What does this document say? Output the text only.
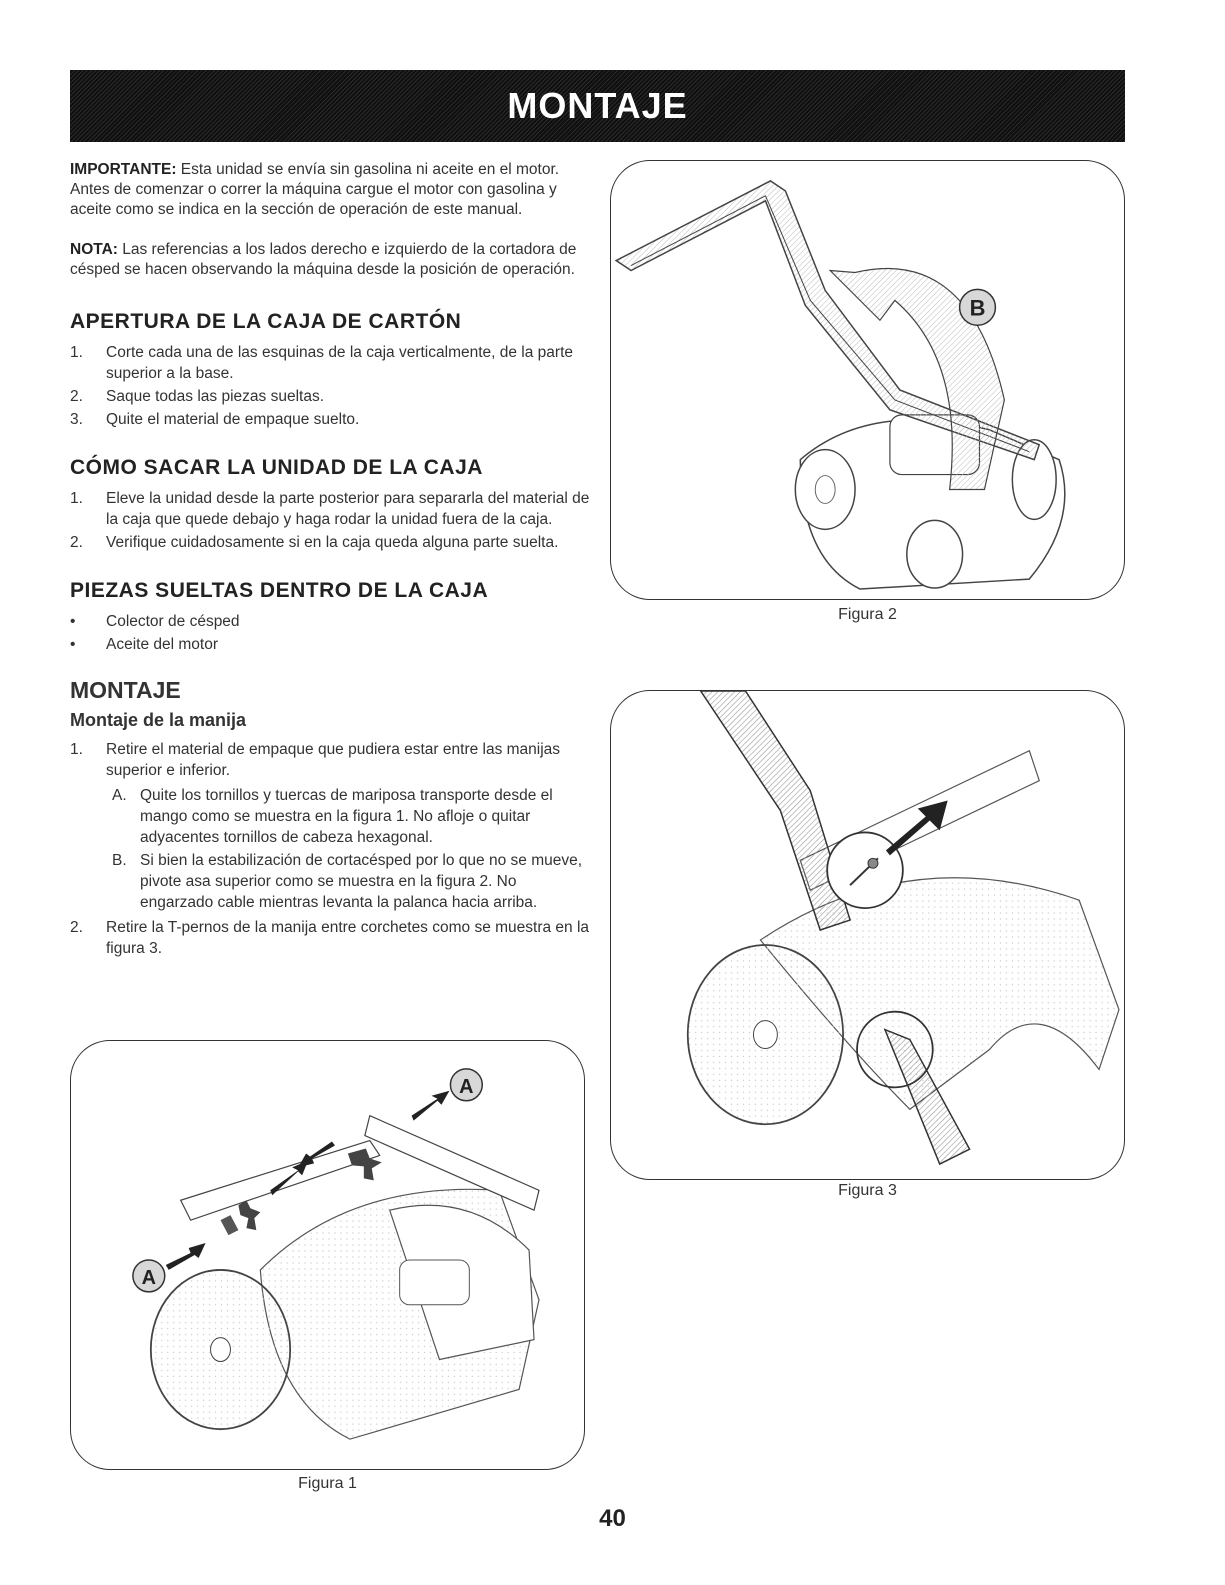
MONTAJE

IMPORTANTE: Esta unidad se envía sin gasolina ni aceite en el motor. Antes de comenzar o correr la máquina cargue el motor con gasolina y aceite como se indica en la sección de operación de este manual.

NOTA: Las referencias a los lados derecho e izquierdo de la cortadora de césped se hacen observando la máquina desde la posición de operación.

APERTURA DE LA CAJA DE CARTÓN
1.	Corte cada una de las esquinas de la caja verticalmente, de la parte superior a la base.
2.	Saque todas las piezas sueltas.
3.	Quite el material de empaque suelto.
CÓMO SACAR LA UNIDAD DE LA CAJA
1.	Eleve la unidad desde la parte posterior para separarla del material de la caja que quede debajo y haga rodar la unidad fuera de la caja.
2.	Verifique cuidadosamente si en la caja queda alguna parte suelta.
PIEZAS SUELTAS DENTRO DE LA CAJA
•	Colector de césped
•	Aceite del motor
MONTAJE
Montaje de la manija
1.	Retire el material de empaque que pudiera estar entre las manijas superior e inferior.
A. Quite los tornillos y tuercas de mariposa transporte desde el mango como se muestra en la figura 1. No afloje o quitar adyacentes tornillos de cabeza hexagonal.
B. Si bien la estabilización de cortacésped por lo que no se mueve, pivote asa superior como se muestra en la figura 2. No engarzado cable mientras levanta la palanca hacia arriba.
2.	Retire la T-pernos de la manija entre corchetes como se muestra en la figura 3.
B
Figura 2
Figura 3
A
A
Figura 1
40
